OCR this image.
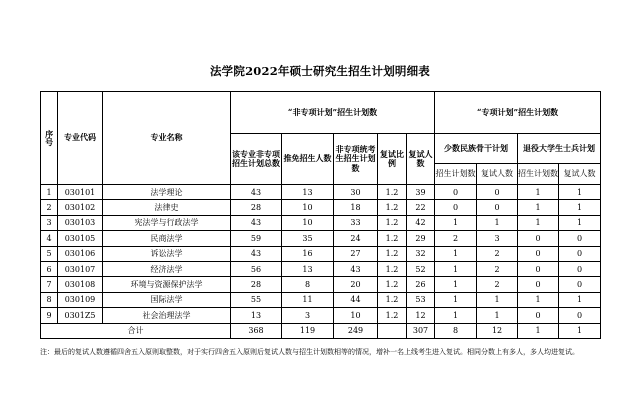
法学院2022年硕士研究生招生计划明细表
序号	专业代码	专业名称	“非专项计划”招生计划数					“专项计划”招生计划数			
			该专业非专项招生计划总数	推免招生人数	非专项统考生招生计划数	复试比例	复试人数	少数民族骨干计划		退役大学生士兵计划	
								招生计划数	复试人数	招生计划数	复试人数
1	030101	法学理论	43	13	30	1.2	39	0	0	1	1
2	030102	法律史	28	10	18	1.2	22	0	0	1	1
3	030103	宪法学与行政法学	43	10	33	1.2	42	1	1	1	1
4	030105	民商法学	59	35	24	1.2	29	2	3	0	0
5	030106	诉讼法学	43	16	27	1.2	32	1	2	0	0
6	030107	经济法学	56	13	43	1.2	52	1	2	0	0
7	030108	环境与资源保护法学	28	8	20	1.2	26	1	2	0	0
8	030109	国际法学	55	11	44	1.2	53	1	1	1	1
9	0301Z5	社会治理法学	13	3	10	1.2	12	1	1	0	0
合计			368	119	249		307	8	12	1	1
注：最后的复试人数遵循四舍五入原则取整数，对于实行四舍五入原则后复试人数与招生计划数相等的情况，增补一名上线考生进入复试。相同分数上有多人，多人均进复试。
